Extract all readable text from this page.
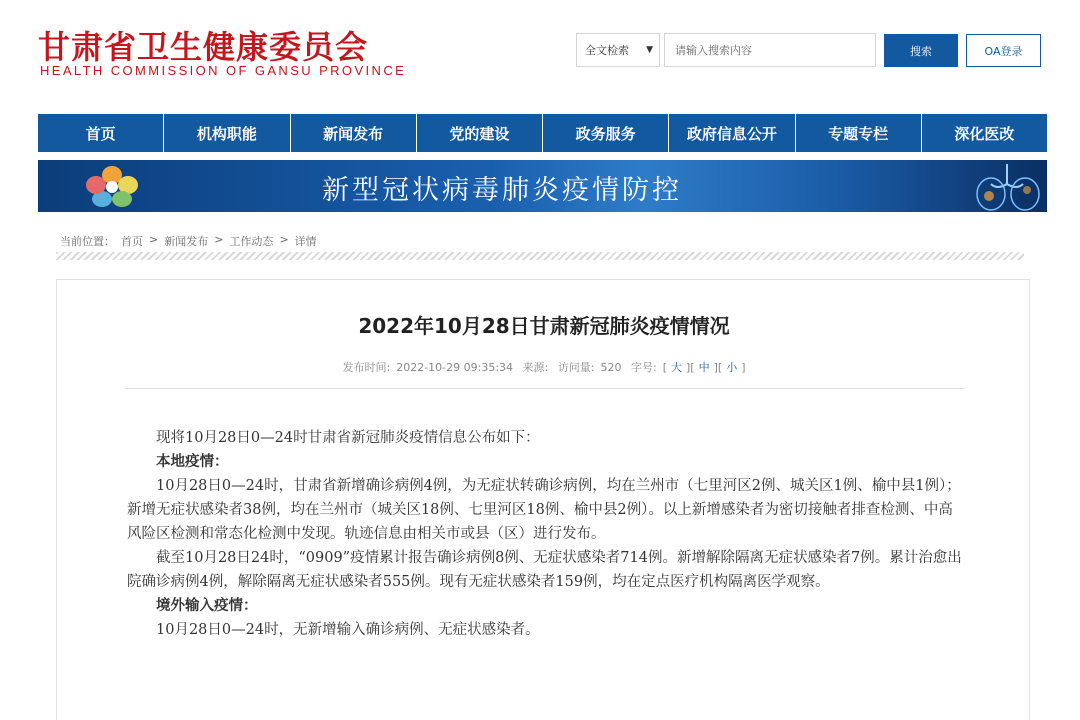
甘肃省卫生健康委员会
HEALTH COMMISSION OF GANSU PROVINCE
全文检索 ▼	请输入搜索内容	搜索	OA登录
首页	机构职能	新闻发布	党的建设	政务服务	政府信息公开	专题专栏	深化医改
新型冠状病毒肺炎疫情防控
当前位置： 首页 > 新闻发布 > 工作动态 > 详情
2022年10月28日甘肃新冠肺炎疫情情况
发布时间: 2022-10-29 09:35:34 来源: 访问量: 520 字号: [ 大 ][ 中 ][ 小 ]

现将10月28日0—24时甘肃省新冠肺炎疫情信息公布如下：

本地疫情：

10月28日0—24时，甘肃省新增确诊病例4例，为无症状转确诊病例，均在兰州市（七里河区2例、城关区1例、榆中县1例）；新增无症状感染者38例，均在兰州市（城关区18例、七里河区18例、榆中县2例）。以上新增感染者为密切接触者排查检测、中高风险区检测和常态化检测中发现。轨迹信息由相关市或县（区）进行发布。

截至10月28日24时，“0909”疫情累计报告确诊病例8例、无症状感染者714例。新增解除隔离无症状感染者7例。累计治愈出院确诊病例4例，解除隔离无症状感染者555例。现有无症状感染者159例，均在定点医疗机构隔离医学观察。

境外输入疫情：

10月28日0—24时，无新增输入确诊病例、无症状感染者。
